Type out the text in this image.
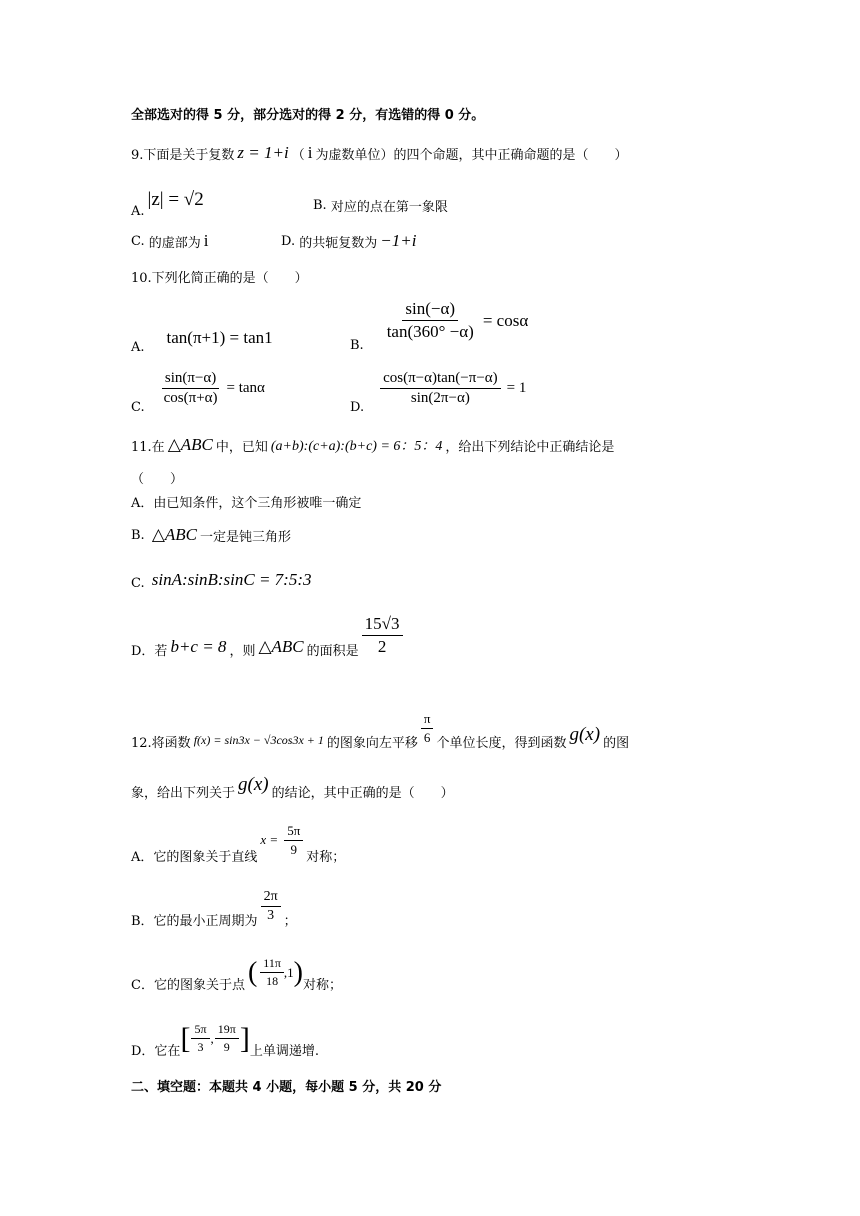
全部选对的得 5 分，部分选对的得 2 分，有选错的得 0 分。
9.下面是关于复数 z = 1+i （ i 为虚数单位）的四个命题，其中正确命题的是（　　）
A.
|z| = √2	B.
对应的点在第一象限
C.
的虚部为 i	D.
的共轭复数为 −1+i
10.下列化简正确的是（　　）
A.
tan(π+1) = tan1	B.
$\frac{\sin(-\alpha)}{\tan(360^\circ -\alpha)} = \cos\alpha$
C.
$\frac{\sin(\pi-\alpha)}{\cos(\pi+\alpha)} = \tan\alpha$
D.
$\frac{\cos(\pi-\alpha)\tan(-\pi-\alpha)}{\sin(2\pi-\alpha)} = 1$
11.在 △ABC 中，已知 (a+b):(c+a):(b+c) = 6：5：4 ，给出下列结论中正确结论是
（　　）
A．由已知条件，这个三角形被唯一确定
B.
△ABC 一定是钝三角形
C.
sinA:sinB:sinC = 7:5:3
D．若 b+c = 8 ，则 △ABC 的面积是 $\frac{15√3}{2}$
12.将函数 f(x) = sin3x − √3cos3x + 1 的图象向左平移 $\frac{\pi}{6}$ 个单位长度，得到函数 g(x) 的图
象，给出下列关于 g(x) 的结论，其中正确的是（　　）
A．它的图象关于直线
$x = \frac{5\pi}{9}$ 对称；
B．它的最小正周期为 $\frac{2\pi}{3}$ ；
C．它的图象关于点 ( $\frac{11\pi}{18} ,1$ ) 对称；
D．它在 [ $\frac{5\pi}{3}$ , $\frac{19\pi}{9}$ ] 上单调递增.
二、填空题：本题共 4 小题，每小题 5 分，共 20 分
